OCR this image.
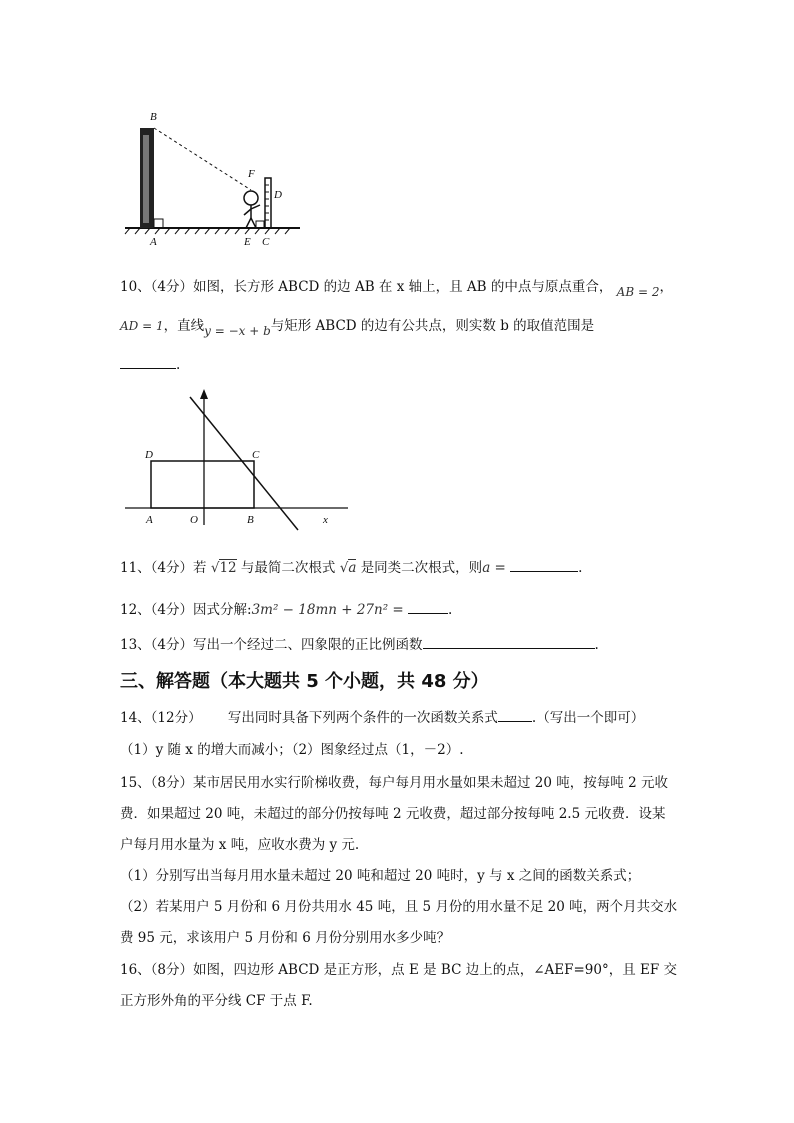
B
F
D
A	E C
10、（4分）如图，长方形 ABCD 的边 AB 在 x 轴上，且 AB 的中点与原点重合， AB = 2，
AD = 1，直线y = −x + b与矩形 ABCD 的边有公共点，则实数 b 的取值范围是
.
D	C
A	O	B	x
11、（4分）若 √12 与最简二次根式 √a 是同类二次根式，则a =	.
12、（4分）因式分解:3m² − 18mn + 27n² =	.
13、（4分）写出一个经过二、四象限的正比例函数	.
三、解答题（本大题共 5 个小题，共 48 分）
14、（12分） 写出同时具备下列两个条件的一次函数关系式	.（写出一个即可）
（1）y 随 x 的增大而减小；（2）图象经过点（1，－2）.
15、（8分）某市居民用水实行阶梯收费，每户每月用水量如果未超过 20 吨，按每吨 2 元收
费．如果超过 20 吨，未超过的部分仍按每吨 2 元收费，超过部分按每吨 2.5 元收费．设某
户每月用水量为 x 吨，应收水费为 y 元.
（1）分别写出当每月用水量未超过 20 吨和超过 20 吨时，y 与 x 之间的函数关系式；
（2）若某用户 5 月份和 6 月份共用水 45 吨，且 5 月份的用水量不足 20 吨，两个月共交水
费 95 元，求该用户 5 月份和 6 月份分别用水多少吨？
16、（8分）如图，四边形 ABCD 是正方形，点 E 是 BC 边上的点，∠AEF=90°，且 EF 交
正方形外角的平分线 CF 于点 F.
